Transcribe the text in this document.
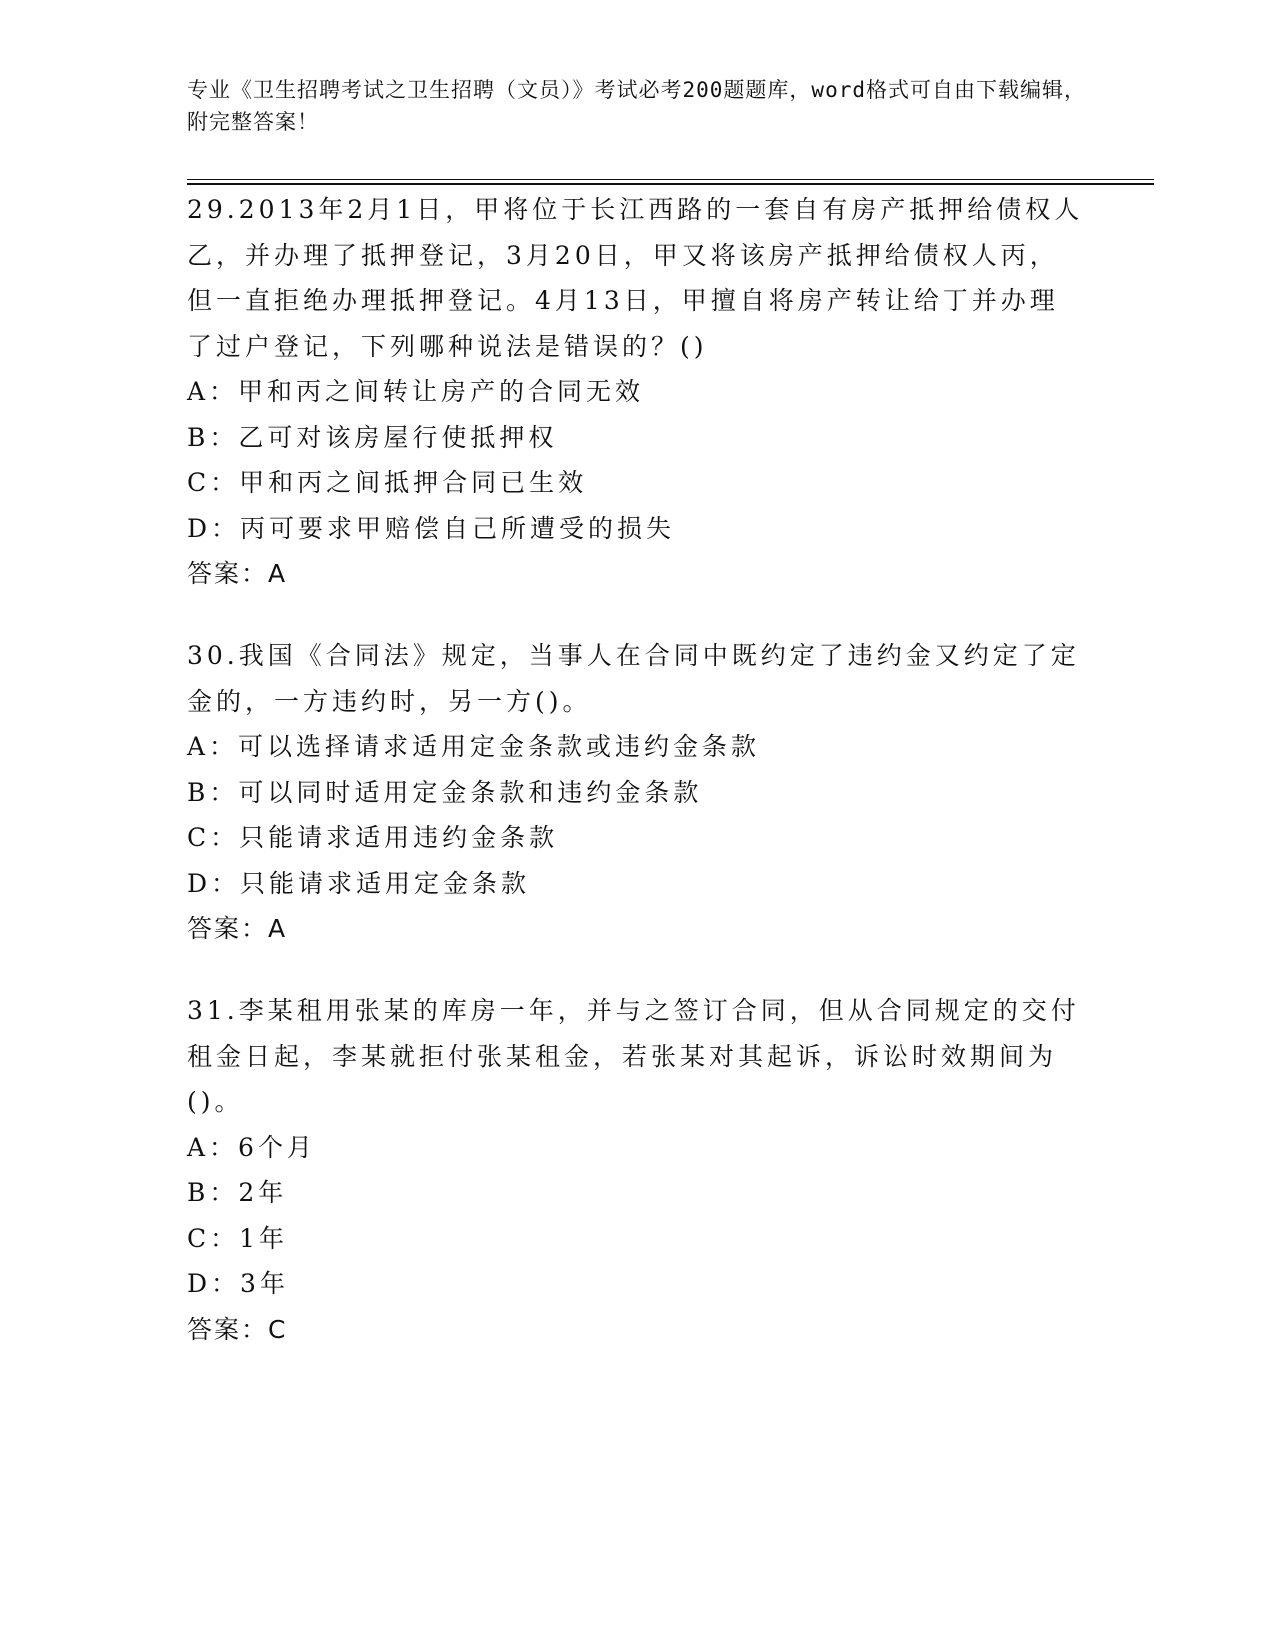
专业《卫生招聘考试之卫生招聘（文员）》考试必考200题题库，word格式可自由下载编辑，附完整答案！

29.2013年2月1日，甲将位于长江西路的一套自有房产抵押给债权人乙，并办理了抵押登记，3月20日，甲又将该房产抵押给债权人丙，但一直拒绝办理抵押登记。4月13日，甲擅自将房产转让给丁并办理了过户登记，下列哪种说法是错误的？()

A：甲和丙之间转让房产的合同无效

B：乙可对该房屋行使抵押权

C：甲和丙之间抵押合同已生效

D：丙可要求甲赔偿自己所遭受的损失

答案：A

30.我国《合同法》规定，当事人在合同中既约定了违约金又约定了定金的，一方违约时，另一方()。

A：可以选择请求适用定金条款或违约金条款

B：可以同时适用定金条款和违约金条款

C：只能请求适用违约金条款

D：只能请求适用定金条款

答案：A

31.李某租用张某的库房一年，并与之签订合同，但从合同规定的交付租金日起，李某就拒付张某租金，若张某对其起诉，诉讼时效期间为()。

A：6个月

B：2年

C：1年

D：3年

答案：C
